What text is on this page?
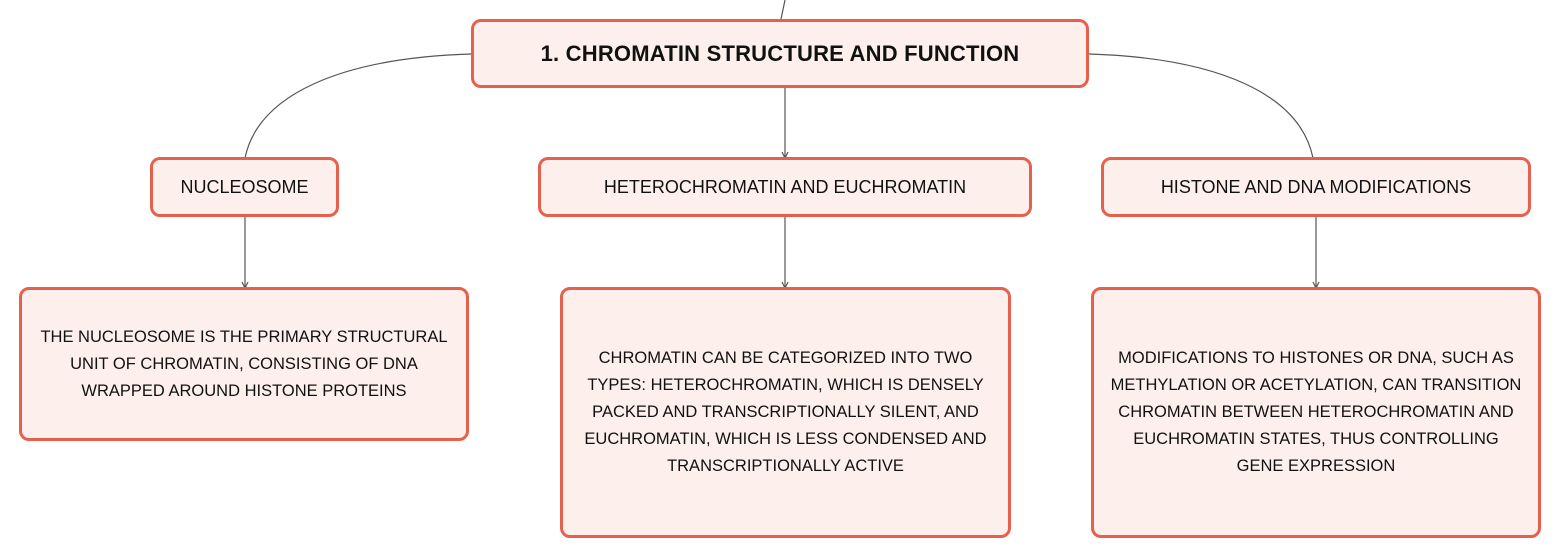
1. CHROMATIN STRUCTURE AND FUNCTION
NUCLEOSOME	HETEROCHROMATIN AND EUCHROMATIN	HISTONE AND DNA MODIFICATIONS
THE NUCLEOSOME IS THE PRIMARY STRUCTURAL UNIT OF CHROMATIN, CONSISTING OF DNA WRAPPED AROUND HISTONE PROTEINS
CHROMATIN CAN BE CATEGORIZED INTO TWO TYPES: HETEROCHROMATIN, WHICH IS DENSELY PACKED AND TRANSCRIPTIONALLY SILENT, AND EUCHROMATIN, WHICH IS LESS CONDENSED AND TRANSCRIPTIONALLY ACTIVE
MODIFICATIONS TO HISTONES OR DNA, SUCH AS METHYLATION OR ACETYLATION, CAN TRANSITION CHROMATIN BETWEEN HETEROCHROMATIN AND EUCHROMATIN STATES, THUS CONTROLLING GENE EXPRESSION
